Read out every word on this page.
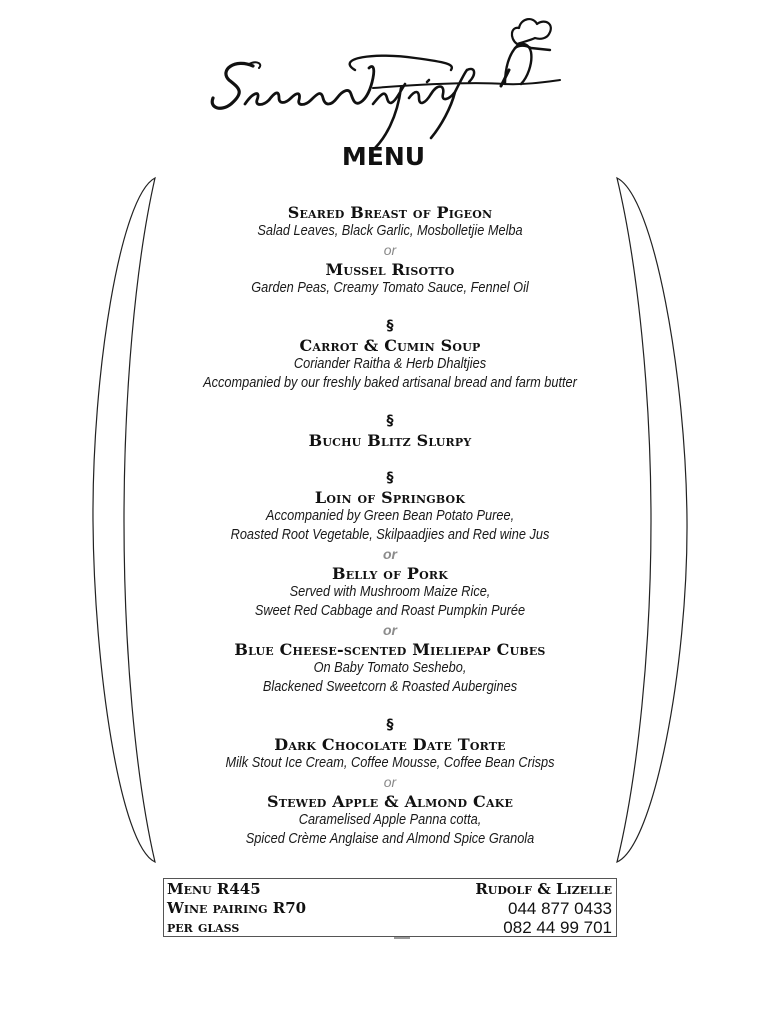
MENU
Seared Breast of Pigeon
Salad Leaves, Black Garlic, Mosbolletjie Melba
or
Mussel Risotto
Garden Peas, Creamy Tomato Sauce, Fennel Oil
§
Carrot & Cumin Soup
Coriander Raitha & Herb Dhaltjies
Accompanied by our freshly baked artisanal bread and farm butter
§
Buchu Blitz Slurpy
§
Loin of Springbok
Accompanied by Green Bean Potato Puree,
Roasted Root Vegetable, Skilpaadjies and Red wine Jus
or
Belly of Pork
Served with Mushroom Maize Rice,
Sweet Red Cabbage and Roast Pumpkin Purée
or
Blue Cheese-scented Mieliepap Cubes
On Baby Tomato Seshebo,
Blackened Sweetcorn & Roasted Aubergines
§
Dark Chocolate Date Torte
Milk Stout Ice Cream, Coffee Mousse, Coffee Bean Crisps
or
Stewed Apple & Almond Cake
Caramelised Apple Panna cotta,
Spiced Crème Anglaise and Almond Spice Granola
Menu R445
Wine pairing R70
per glass
Rudolf & Lizelle
044 877 0433
082 44 99 701
